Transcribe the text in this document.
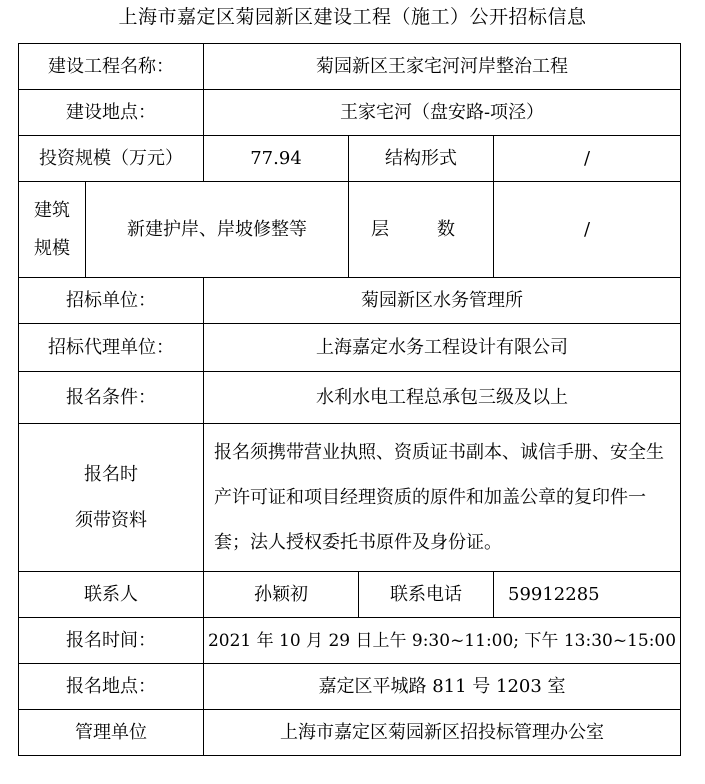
上海市嘉定区菊园新区建设工程（施工）公开招标信息
建设工程名称：		菊园新区王家宅河河岸整治工程			
建设地点：		王家宅河（盘安路-项泾）			
投资规模（万元）		77.94	结构形式		/
建筑
规模	新建护岸、岸坡修整等		层 数		/
招标单位：		菊园新区水务管理所			
招标代理单位：		上海嘉定水务工程设计有限公司			
报名条件：		水利水电工程总承包三级及以上			
报名时
须带资料		报名须携带营业执照、资质证书副本、诚信手册、安全生产许可证和项目经理资质的原件和加盖公章的复印件一套；法人授权委托书原件及身份证。			
联系人		孙颖初		联系电话	59912285
报名时间：		2021 年 10 月 29 日上午 9:30~11:00; 下午 13:30~15:00			
报名地点：		嘉定区平城路 811 号 1203 室			
管理单位		上海市嘉定区菊园新区招投标管理办公室			
